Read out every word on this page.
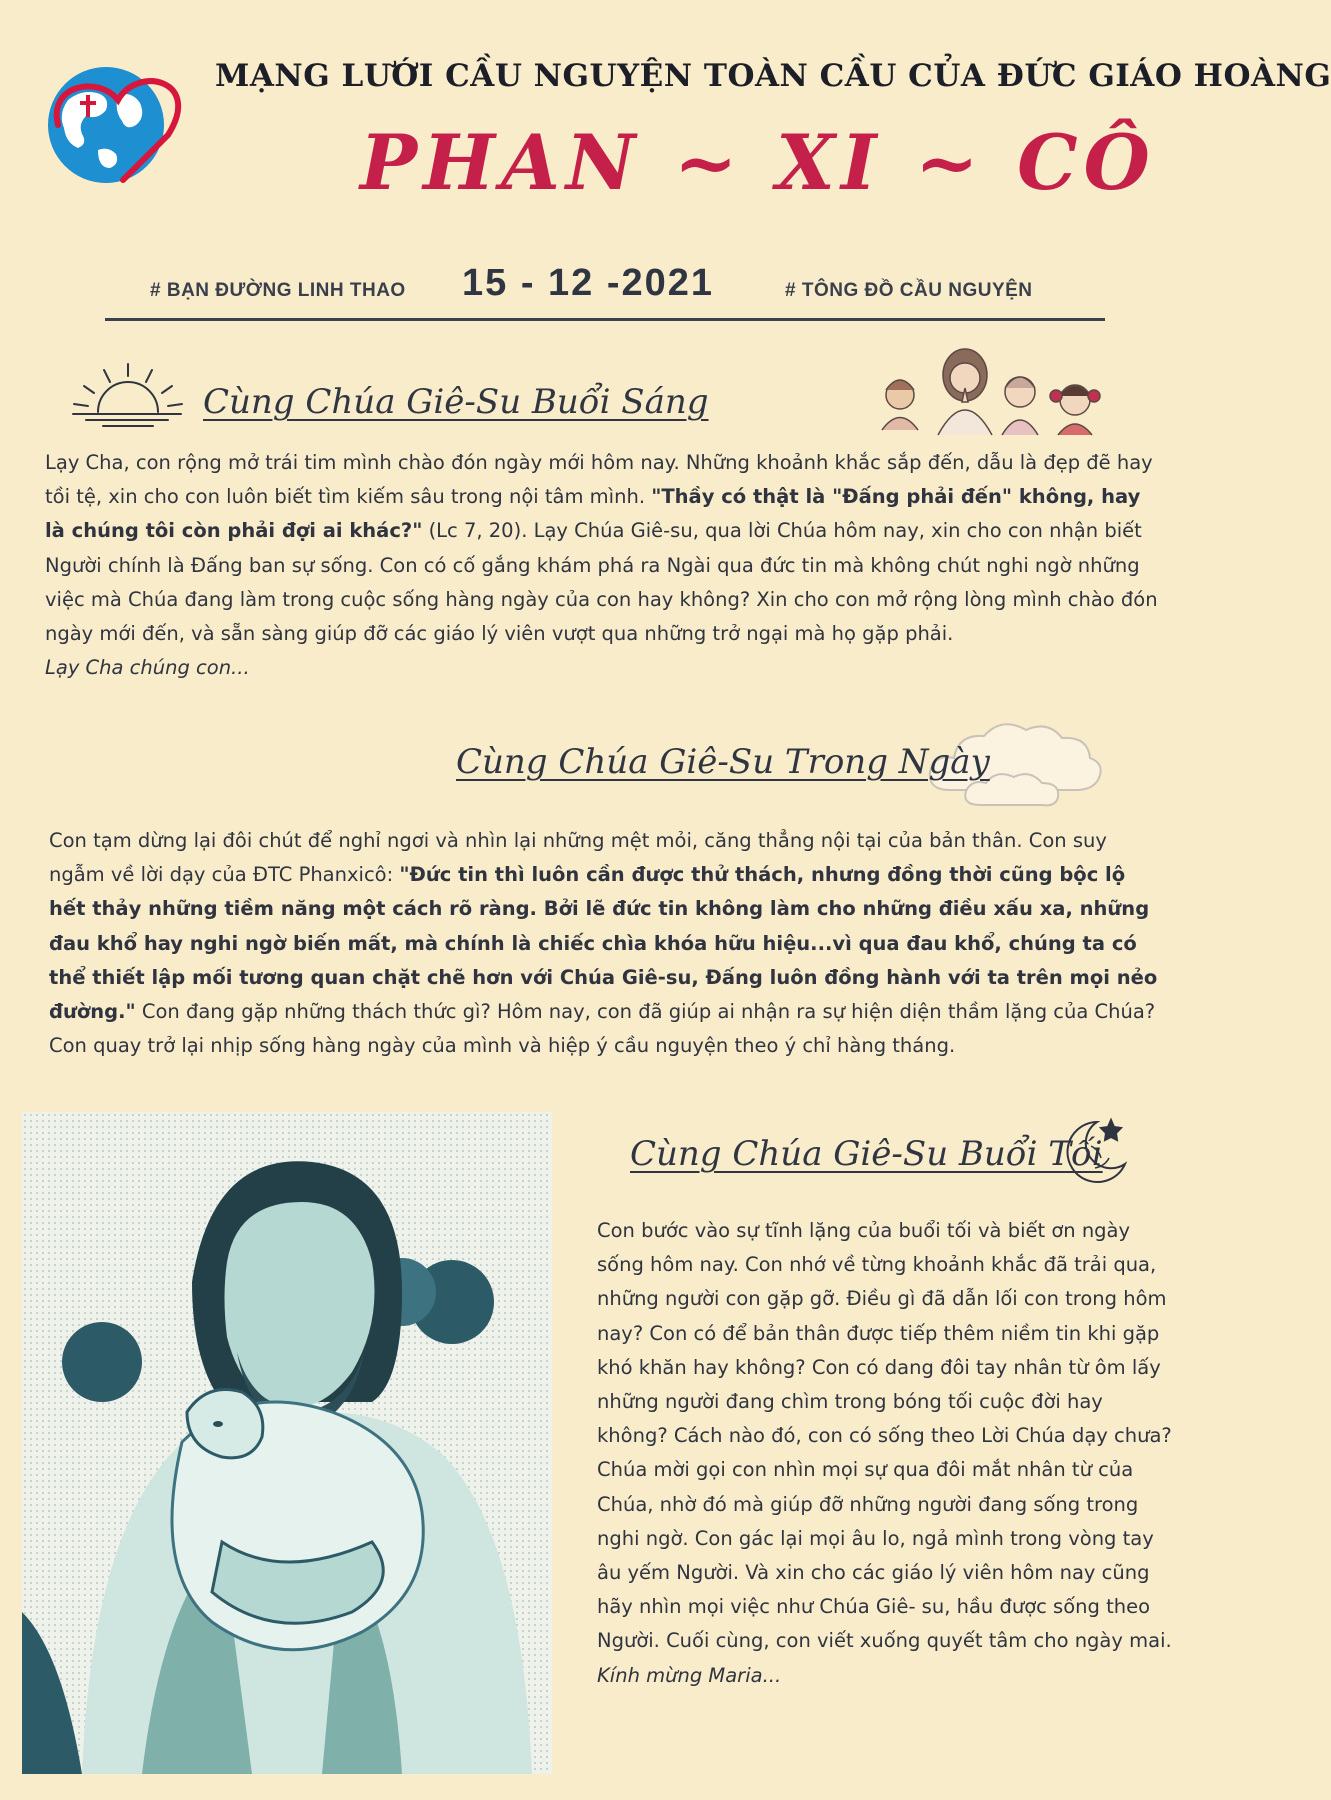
MẠNG LƯỚI CẦU NGUYỆN TOÀN CẦU CỦA ĐỨC GIÁO HOÀNG
PHAN ~ XI ~ CÔ
# BẠN ĐƯỜNG LINH THAO 15 - 12 -2021	# TÔNG ĐỒ CẦU NGUYỆN
Cùng Chúa Giê-Su Buổi Sáng
Lạy Cha, con rộng mở trái tim mình chào đón ngày mới hôm nay. Những khoảnh khắc sắp đến, dẫu là đẹp đẽ hay tồi tệ, xin cho con luôn biết tìm kiếm sâu trong nội tâm mình. "Thầy có thật là "Đấng phải đến" không, hay là chúng tôi còn phải đợi ai khác?" (Lc 7, 20). Lạy Chúa Giê-su, qua lời Chúa hôm nay, xin cho con nhận biết Người chính là Đấng ban sự sống. Con có cố gắng khám phá ra Ngài qua đức tin mà không chút nghi ngờ những việc mà Chúa đang làm trong cuộc sống hàng ngày của con hay không? Xin cho con mở rộng lòng mình chào đón ngày mới đến, và sẵn sàng giúp đỡ các giáo lý viên vượt qua những trở ngại mà họ gặp phải.
Lạy Cha chúng con...
Cùng Chúa Giê-Su Trong Ngày
Con tạm dừng lại đôi chút để nghỉ ngơi và nhìn lại những mệt mỏi, căng thẳng nội tại của bản thân. Con suy ngẫm về lời dạy của ĐTC Phanxicô: "Đức tin thì luôn cần được thử thách, nhưng đồng thời cũng bộc lộ hết thảy những tiềm năng một cách rõ ràng. Bởi lẽ đức tin không làm cho những điều xấu xa, những đau khổ hay nghi ngờ biến mất, mà chính là chiếc chìa khóa hữu hiệu...vì qua đau khổ, chúng ta có thể thiết lập mối tương quan chặt chẽ hơn với Chúa Giê-su, Đấng luôn đồng hành với ta trên mọi nẻo đường." Con đang gặp những thách thức gì? Hôm nay, con đã giúp ai nhận ra sự hiện diện thầm lặng của Chúa? Con quay trở lại nhịp sống hàng ngày của mình và hiệp ý cầu nguyện theo ý chỉ hàng tháng.
Cùng Chúa Giê-Su Buổi Tối
Con bước vào sự tĩnh lặng của buổi tối và biết ơn ngày sống hôm nay. Con nhớ về từng khoảnh khắc đã trải qua, những người con gặp gỡ. Điều gì đã dẫn lối con trong hôm nay? Con có để bản thân được tiếp thêm niềm tin khi gặp khó khăn hay không? Con có dang đôi tay nhân từ ôm lấy những người đang chìm trong bóng tối cuộc đời hay không? Cách nào đó, con có sống theo Lời Chúa dạy chưa? Chúa mời gọi con nhìn mọi sự qua đôi mắt nhân từ của Chúa, nhờ đó mà giúp đỡ những người đang sống trong nghi ngờ. Con gác lại mọi âu lo, ngả mình trong vòng tay âu yếm Người. Và xin cho các giáo lý viên hôm nay cũng hãy nhìn mọi việc như Chúa Giê- su, hầu được sống theo Người. Cuối cùng, con viết xuống quyết tâm cho ngày mai.
Kính mừng Maria...
